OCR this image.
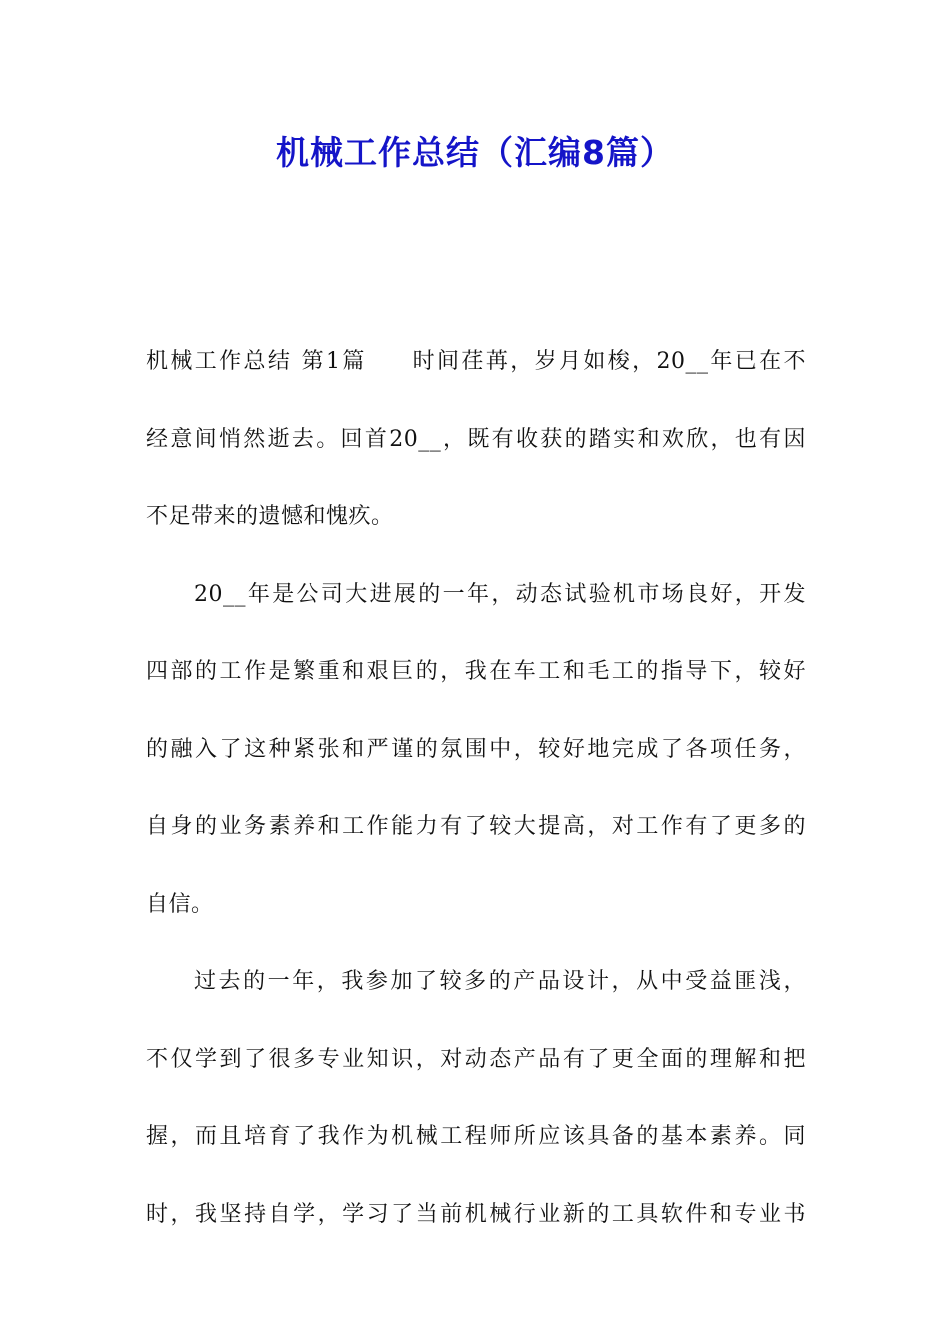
机械工作总结（汇编8篇）
机械工作总结 第1篇 时间荏苒，岁月如梭，20__年已在不
经意间悄然逝去。回首20__，既有收获的踏实和欢欣，也有因
不足带来的遗憾和愧疚。
20__年是公司大进展的一年，动态试验机市场良好，开发
四部的工作是繁重和艰巨的，我在车工和毛工的指导下，较好
的融入了这种紧张和严谨的氛围中，较好地完成了各项任务，
自身的业务素养和工作能力有了较大提高，对工作有了更多的
自信。
过去的一年，我参加了较多的产品设计，从中受益匪浅，
不仅学到了很多专业知识，对动态产品有了更全面的理解和把
握，而且培育了我作为机械工程师所应该具备的基本素养。同
时，我坚持自学，学习了当前机械行业新的工具软件和专业书
